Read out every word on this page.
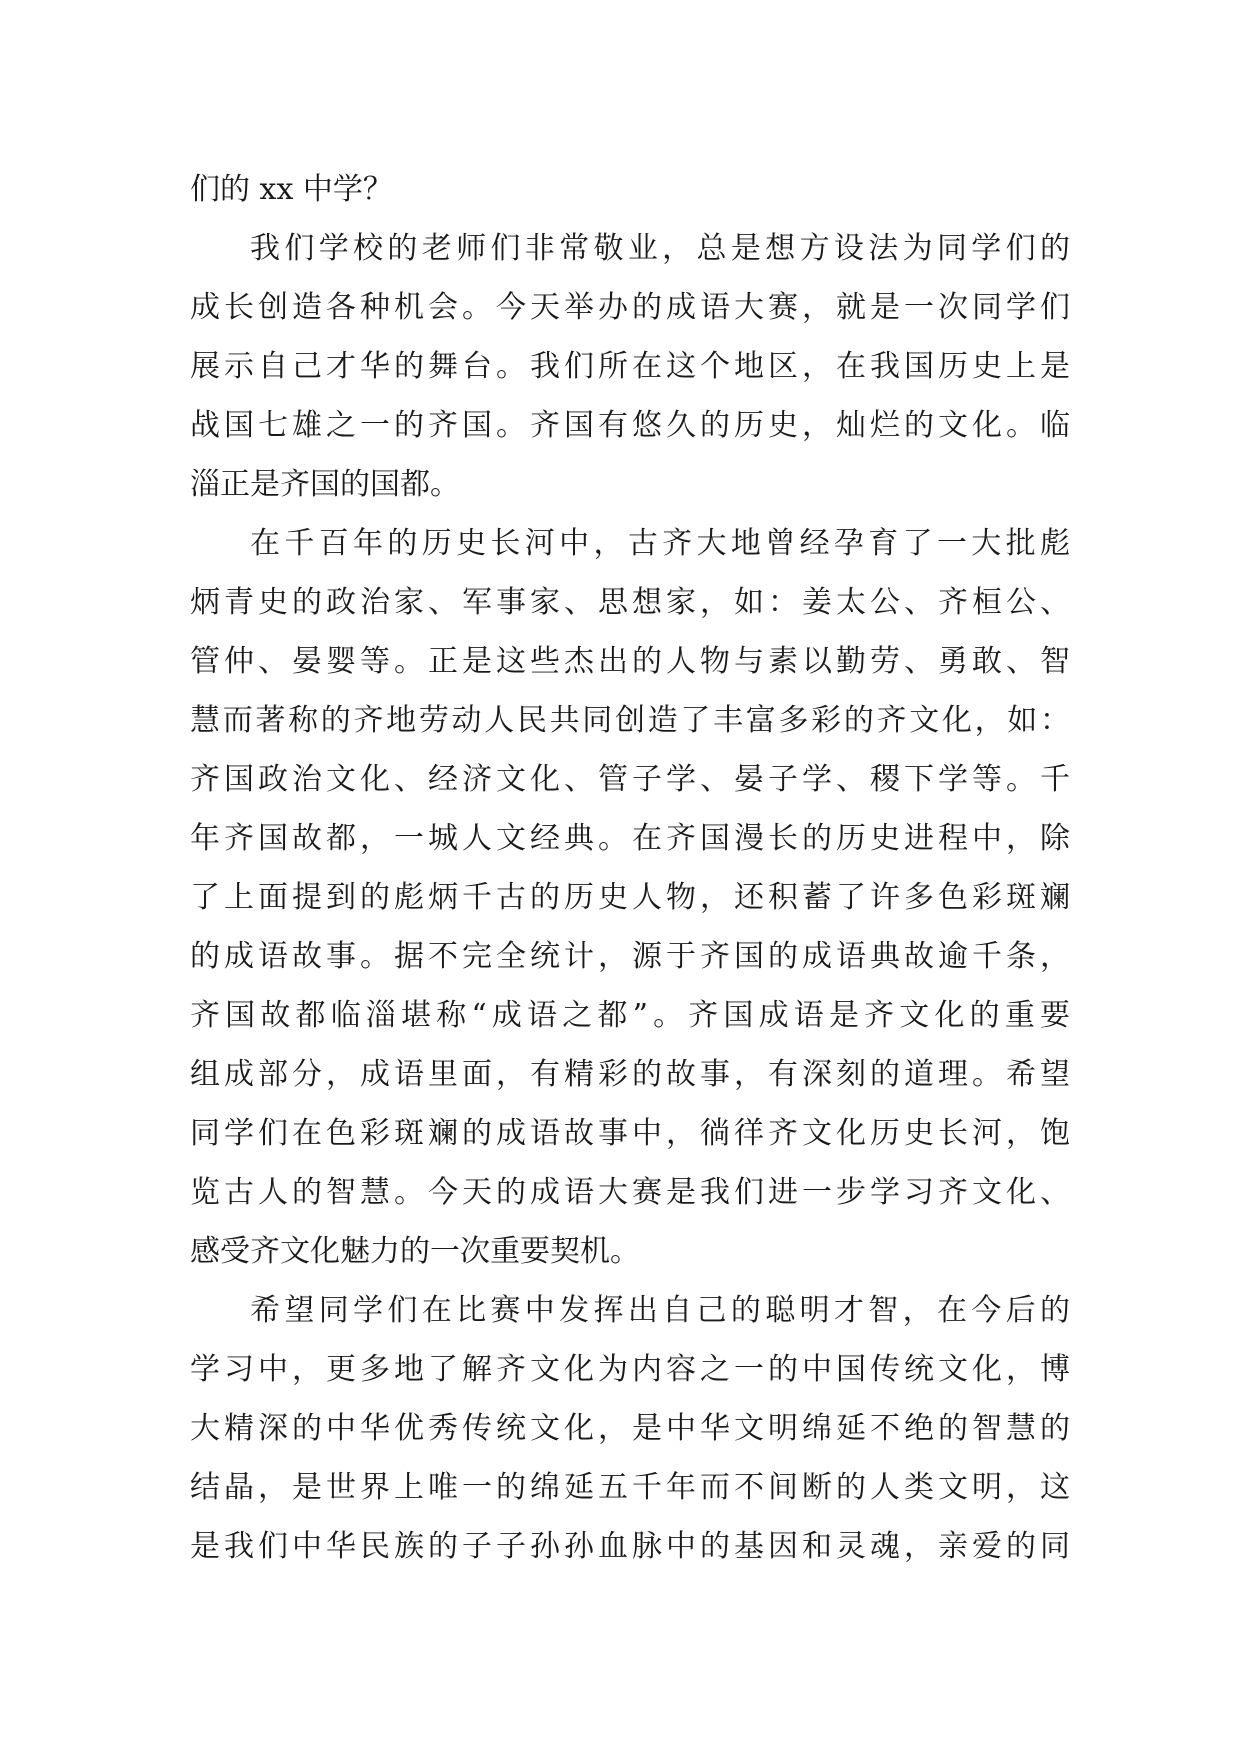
们的 xx 中学？
我们学校的老师们非常敬业，总是想方设法为同学们的
成长创造各种机会。今天举办的成语大赛，就是一次同学们
展示自己才华的舞台。我们所在这个地区，在我国历史上是
战国七雄之一的齐国。齐国有悠久的历史，灿烂的文化。临
淄正是齐国的国都。
在千百年的历史长河中，古齐大地曾经孕育了一大批彪
炳青史的政治家、军事家、思想家，如：姜太公、齐桓公、
管仲、晏婴等。正是这些杰出的人物与素以勤劳、勇敢、智
慧而著称的齐地劳动人民共同创造了丰富多彩的齐文化，如：
齐国政治文化、经济文化、管子学、晏子学、稷下学等。千
年齐国故都，一城人文经典。在齐国漫长的历史进程中，除
了上面提到的彪炳千古的历史人物，还积蓄了许多色彩斑斓
的成语故事。据不完全统计，源于齐国的成语典故逾千条，
齐国故都临淄堪称“成语之都”。齐国成语是齐文化的重要
组成部分，成语里面，有精彩的故事，有深刻的道理。希望
同学们在色彩斑斓的成语故事中，徜徉齐文化历史长河，饱
览古人的智慧。今天的成语大赛是我们进一步学习齐文化、
感受齐文化魅力的一次重要契机。
希望同学们在比赛中发挥出自己的聪明才智，在今后的
学习中，更多地了解齐文化为内容之一的中国传统文化，博
大精深的中华优秀传统文化，是中华文明绵延不绝的智慧的
结晶，是世界上唯一的绵延五千年而不间断的人类文明，这
是我们中华民族的子子孙孙血脉中的基因和灵魂，亲爱的同
